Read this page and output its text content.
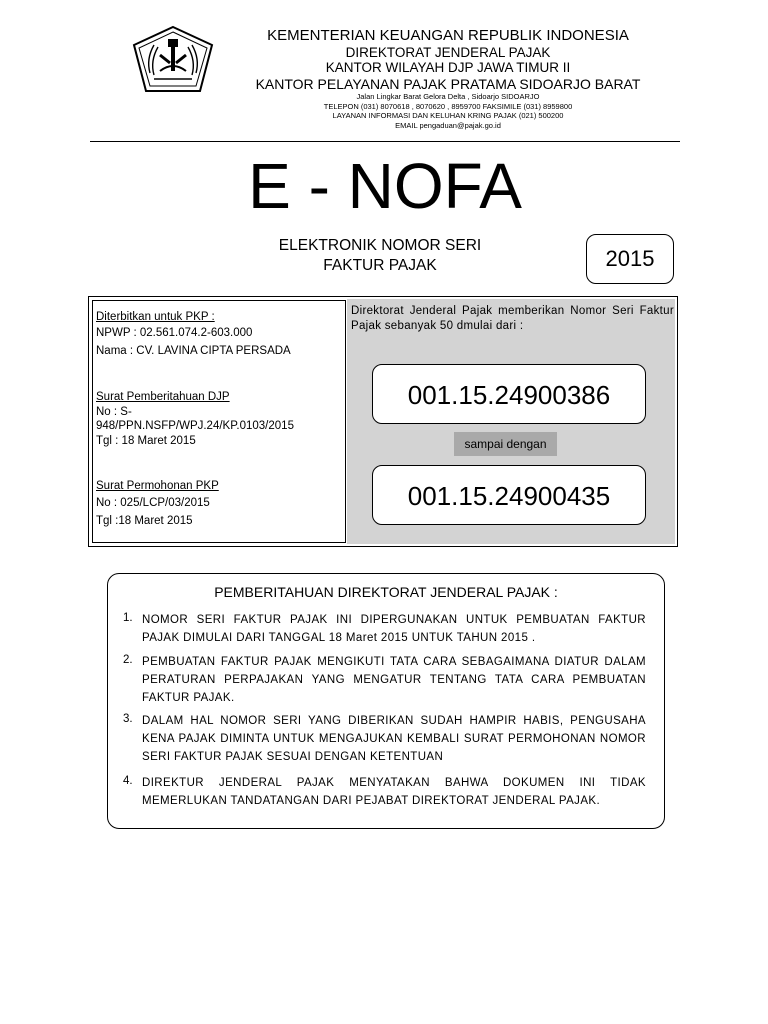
KEMENTERIAN KEUANGAN REPUBLIK INDONESIA
DIREKTORAT JENDERAL PAJAK
KANTOR WILAYAH DJP JAWA TIMUR II
KANTOR PELAYANAN PAJAK PRATAMA SIDOARJO BARAT
Jalan Lingkar Barat Gelora Delta , Sidoarjo SIDOARJO
TELEPON (031) 8070618 , 8070620 , 8959700 FAKSIMILE (031) 8959800
LAYANAN INFORMASI DAN KELUHAN KRING PAJAK (021) 500200
EMAIL pengaduan@pajak.go.id
E - NOFA
ELEKTRONIK NOMOR SERI
FAKTUR PAJAK	2015
Diterbitkan untuk PKP :
NPWP : 02.561.074.2-603.000
Nama : CV. LAVINA CIPTA PERSADA
Surat Pemberitahuan DJP
No : S-
948/PPN.NSFP/WPJ.24/KP.0103/2015
Tgl : 18 Maret 2015
Surat Permohonan PKP
No : 025/LCP/03/2015
Tgl :18 Maret 2015
Direktorat Jenderal Pajak memberikan Nomor Seri Faktur Pajak sebanyak 50 dmulai dari :
001.15.24900386
sampai dengan
001.15.24900435
PEMBERITAHUAN DIREKTORAT JENDERAL PAJAK :
1. NOMOR SERI FAKTUR PAJAK INI DIPERGUNAKAN UNTUK PEMBUATAN FAKTUR PAJAK DIMULAI DARI TANGGAL 18 Maret 2015 UNTUK TAHUN 2015 .
2. PEMBUATAN FAKTUR PAJAK MENGIKUTI TATA CARA SEBAGAIMANA DIATUR DALAM PERATURAN PERPAJAKAN YANG MENGATUR TENTANG TATA CARA PEMBUATAN FAKTUR PAJAK.
3. DALAM HAL NOMOR SERI YANG DIBERIKAN SUDAH HAMPIR HABIS, PENGUSAHA KENA PAJAK DIMINTA UNTUK MENGAJUKAN KEMBALI SURAT PERMOHONAN NOMOR SERI FAKTUR PAJAK SESUAI DENGAN KETENTUAN
4. DIREKTUR JENDERAL PAJAK MENYATAKAN BAHWA DOKUMEN INI TIDAK MEMERLUKAN TANDATANGAN DARI PEJABAT DIREKTORAT JENDERAL PAJAK.
